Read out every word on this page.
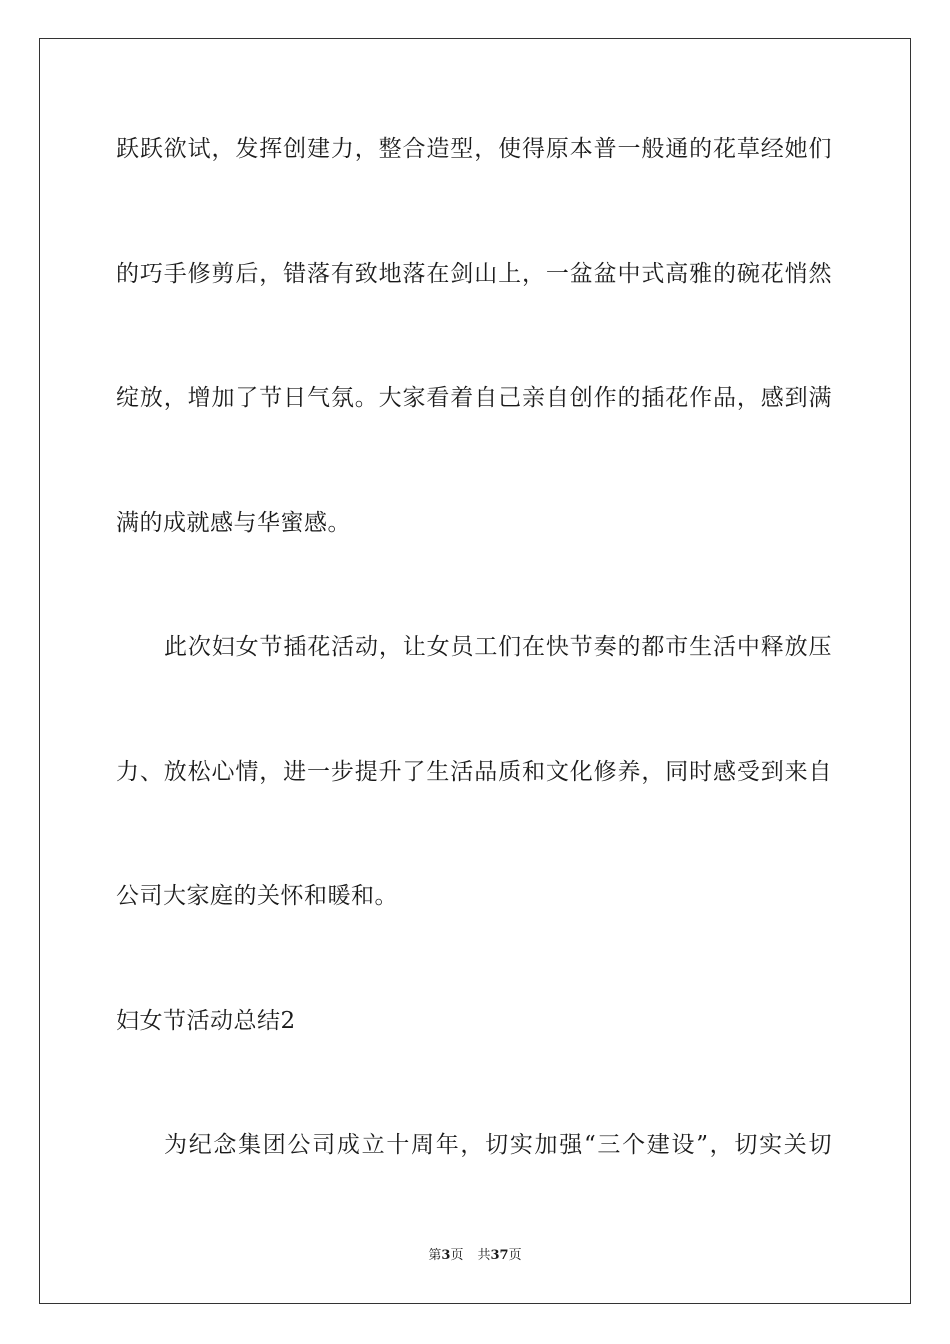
跃跃欲试，发挥创建力，整合造型，使得原本普一般通的花草经她们
的巧手修剪后，错落有致地落在剑山上，一盆盆中式高雅的碗花悄然
绽放，增加了节日气氛。大家看着自己亲自创作的插花作品，感到满
满的成就感与华蜜感。
此次妇女节插花活动，让女员工们在快节奏的都市生活中释放压
力、放松心情，进一步提升了生活品质和文化修养，同时感受到来自
公司大家庭的关怀和暖和。
妇女节活动总结2
为纪念集团公司成立十周年，切实加强“三个建设”，切实关切
第3页 共37页
